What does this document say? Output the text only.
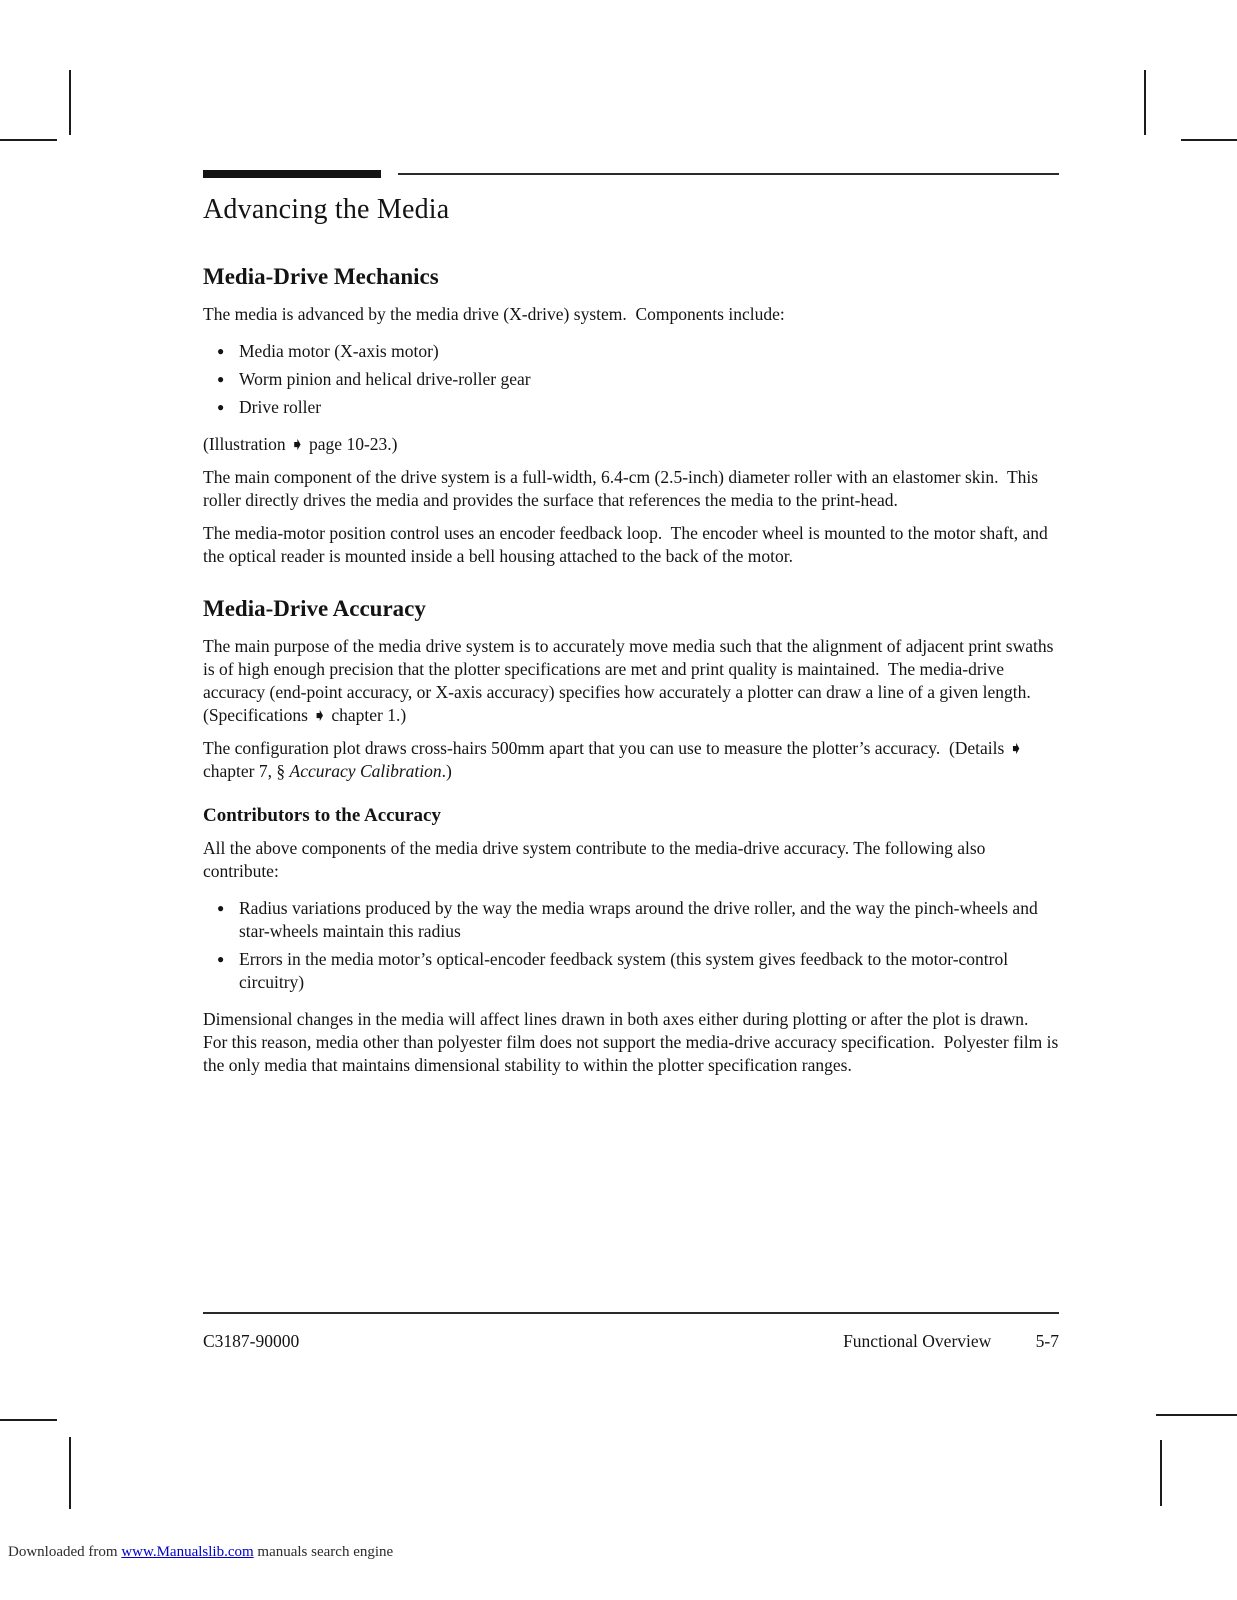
Advancing the Media
Media-Drive Mechanics

The media is advanced by the media drive (X-drive) system.  Components include:

● Media motor (X-axis motor)
● Worm pinion and helical drive-roller gear
● Drive roller

(Illustration ➧ page 10-23.)

The main component of the drive system is a full-width, 6.4-cm (2.5-inch) diameter roller with an elastomer skin.  This roller directly drives the media and provides the surface that references the media to the print-head.

The media-motor position control uses an encoder feedback loop.  The encoder wheel is mounted to the motor shaft, and the optical reader is mounted inside a bell housing attached to the back of the motor.

Media-Drive Accuracy

The main purpose of the media drive system is to accurately move media such that the alignment of adjacent print swaths is of high enough precision that the plotter specifications are met and print quality is maintained.  The media-drive accuracy (end-point accuracy, or X-axis accuracy) specifies how accurately a plotter can draw a line of a given length. (Specifications ➧ chapter 1.)

The configuration plot draws cross-hairs 500mm apart that you can use to measure the plotter’s accuracy.  (Details ➧ chapter 7, § Accuracy Calibration.)

Contributors to the Accuracy

All the above components of the media drive system contribute to the media-drive accuracy. The following also contribute:

● Radius variations produced by the way the media wraps around the drive roller, and the way the pinch-wheels and star-wheels maintain this radius
● Errors in the media motor’s optical-encoder feedback system (this system gives feedback to the motor-control circuitry)

Dimensional changes in the media will affect lines drawn in both axes either during plotting or after the plot is drawn.  For this reason, media other than polyester film does not support the media-drive accuracy specification.  Polyester film is the only media that maintains dimensional stability to within the plotter specification ranges.

C3187-90000	Functional Overview	5-7
Downloaded from www.Manualslib.com manuals search engine
